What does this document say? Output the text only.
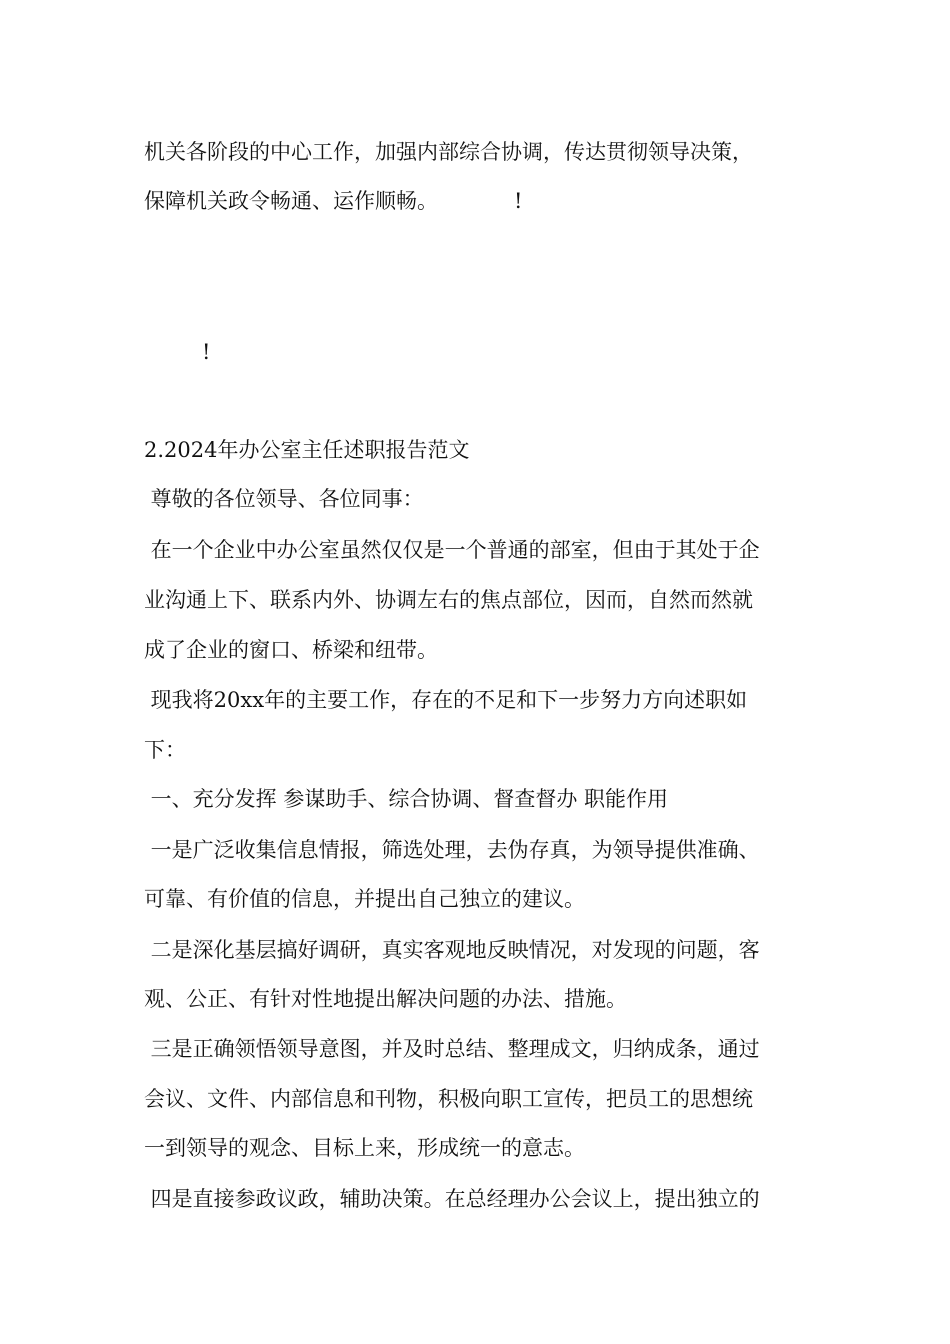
机关各阶段的中心工作，加强内部综合协调，传达贯彻领导决策，
保障机关政令畅通、运作顺畅。	!
!
2.2024年办公室主任述职报告范文
尊敬的各位领导、各位同事：
在一个企业中办公室虽然仅仅是一个普通的部室，但由于其处于企
业沟通上下、联系内外、协调左右的焦点部位，因而，自然而然就
成了企业的窗口、桥梁和纽带。
现我将20xx年的主要工作，存在的不足和下一步努力方向述职如
下：
一、充分发挥 参谋助手、综合协调、督查督办 职能作用
一是广泛收集信息情报，筛选处理，去伪存真，为领导提供准确、
可靠、有价值的信息，并提出自己独立的建议。
二是深化基层搞好调研，真实客观地反映情况，对发现的问题，客
观、公正、有针对性地提出解决问题的办法、措施。
三是正确领悟领导意图，并及时总结、整理成文，归纳成条，通过
会议、文件、内部信息和刊物，积极向职工宣传，把员工的思想统
一到领导的观念、目标上来，形成统一的意志。
四是直接参政议政，辅助决策。在总经理办公会议上，提出独立的
